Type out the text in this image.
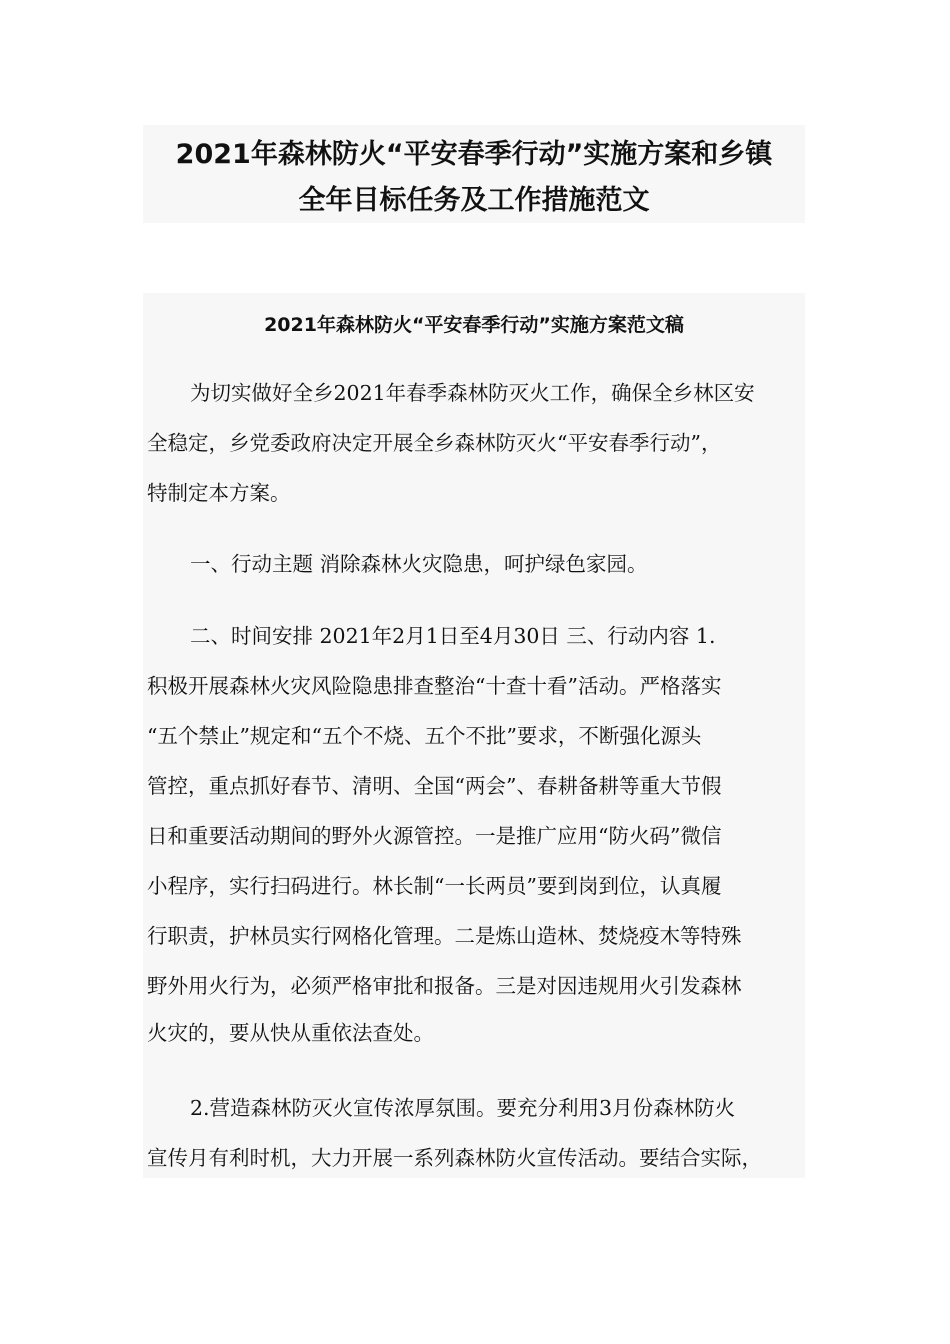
2021年森林防火“平安春季行动”实施方案和乡镇
全年目标任务及工作措施范文
2021年森林防火“平安春季行动”实施方案范文稿
为切实做好全乡2021年春季森林防灭火工作，确保全乡林区安
全稳定，乡党委政府决定开展全乡森林防灭火“平安春季行动”，
特制定本方案。
一、行动主题 消除森林火灾隐患，呵护绿色家园。
二、时间安排 2021年2月1日至4月30日 三、行动内容 1.
积极开展森林火灾风险隐患排查整治“十查十看”活动。严格落实
“五个禁止”规定和“五个不烧、五个不批”要求，不断强化源头
管控，重点抓好春节、清明、全国“两会”、春耕备耕等重大节假
日和重要活动期间的野外火源管控。一是推广应用“防火码”微信
小程序，实行扫码进行。林长制“一长两员”要到岗到位，认真履
行职责，护林员实行网格化管理。二是炼山造林、焚烧疫木等特殊
野外用火行为，必须严格审批和报备。三是对因违规用火引发森林
火灾的，要从快从重依法查处。
2.营造森林防灭火宣传浓厚氛围。要充分利用3月份森林防火
宣传月有利时机，大力开展一系列森林防火宣传活动。要结合实际，
